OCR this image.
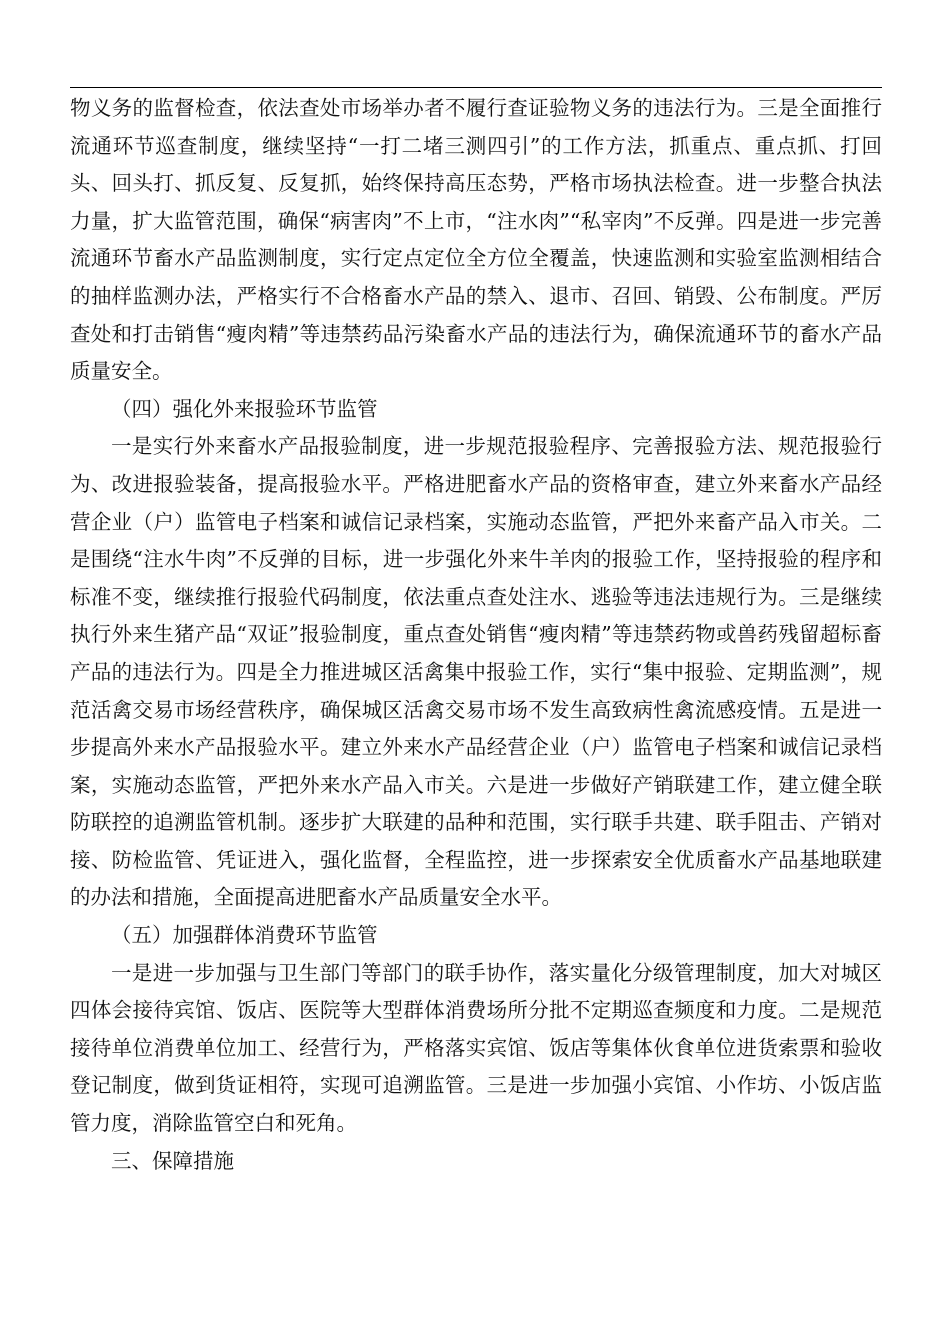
物义务的监督检查，依法查处市场举办者不履行查证验物义务的违法行为。三是全面推行流通环节巡查制度，继续坚持“一打二堵三测四引”的工作方法，抓重点、重点抓、打回头、回头打、抓反复、反复抓，始终保持高压态势，严格市场执法检查。进一步整合执法力量，扩大监管范围，确保“病害肉”不上市，“注水肉”“私宰肉”不反弹。四是进一步完善流通环节畜水产品监测制度，实行定点定位全方位全覆盖，快速监测和实验室监测相结合的抽样监测办法，严格实行不合格畜水产品的禁入、退市、召回、销毁、公布制度。严厉查处和打击销售“瘦肉精”等违禁药品污染畜水产品的违法行为，确保流通环节的畜水产品质量安全。

（四）强化外来报验环节监管

一是实行外来畜水产品报验制度，进一步规范报验程序、完善报验方法、规范报验行为、改进报验装备，提高报验水平。严格进肥畜水产品的资格审查，建立外来畜水产品经营企业（户）监管电子档案和诚信记录档案，实施动态监管，严把外来畜产品入市关。二是围绕“注水牛肉”不反弹的目标，进一步强化外来牛羊肉的报验工作，坚持报验的程序和标准不变，继续推行报验代码制度，依法重点查处注水、逃验等违法违规行为。三是继续执行外来生猪产品“双证”报验制度，重点查处销售“瘦肉精”等违禁药物或兽药残留超标畜产品的违法行为。四是全力推进城区活禽集中报验工作，实行“集中报验、定期监测”，规范活禽交易市场经营秩序，确保城区活禽交易市场不发生高致病性禽流感疫情。五是进一步提高外来水产品报验水平。建立外来水产品经营企业（户）监管电子档案和诚信记录档案，实施动态监管，严把外来水产品入市关。六是进一步做好产销联建工作，建立健全联防联控的追溯监管机制。逐步扩大联建的品种和范围，实行联手共建、联手阻击、产销对接、防检监管、凭证进入，强化监督，全程监控，进一步探索安全优质畜水产品基地联建的办法和措施，全面提高进肥畜水产品质量安全水平。

（五）加强群体消费环节监管

一是进一步加强与卫生部门等部门的联手协作，落实量化分级管理制度，加大对城区四体会接待宾馆、饭店、医院等大型群体消费场所分批不定期巡查频度和力度。二是规范接待单位消费单位加工、经营行为，严格落实宾馆、饭店等集体伙食单位进货索票和验收登记制度，做到货证相符，实现可追溯监管。三是进一步加强小宾馆、小作坊、小饭店监管力度，消除监管空白和死角。

三、保障措施
